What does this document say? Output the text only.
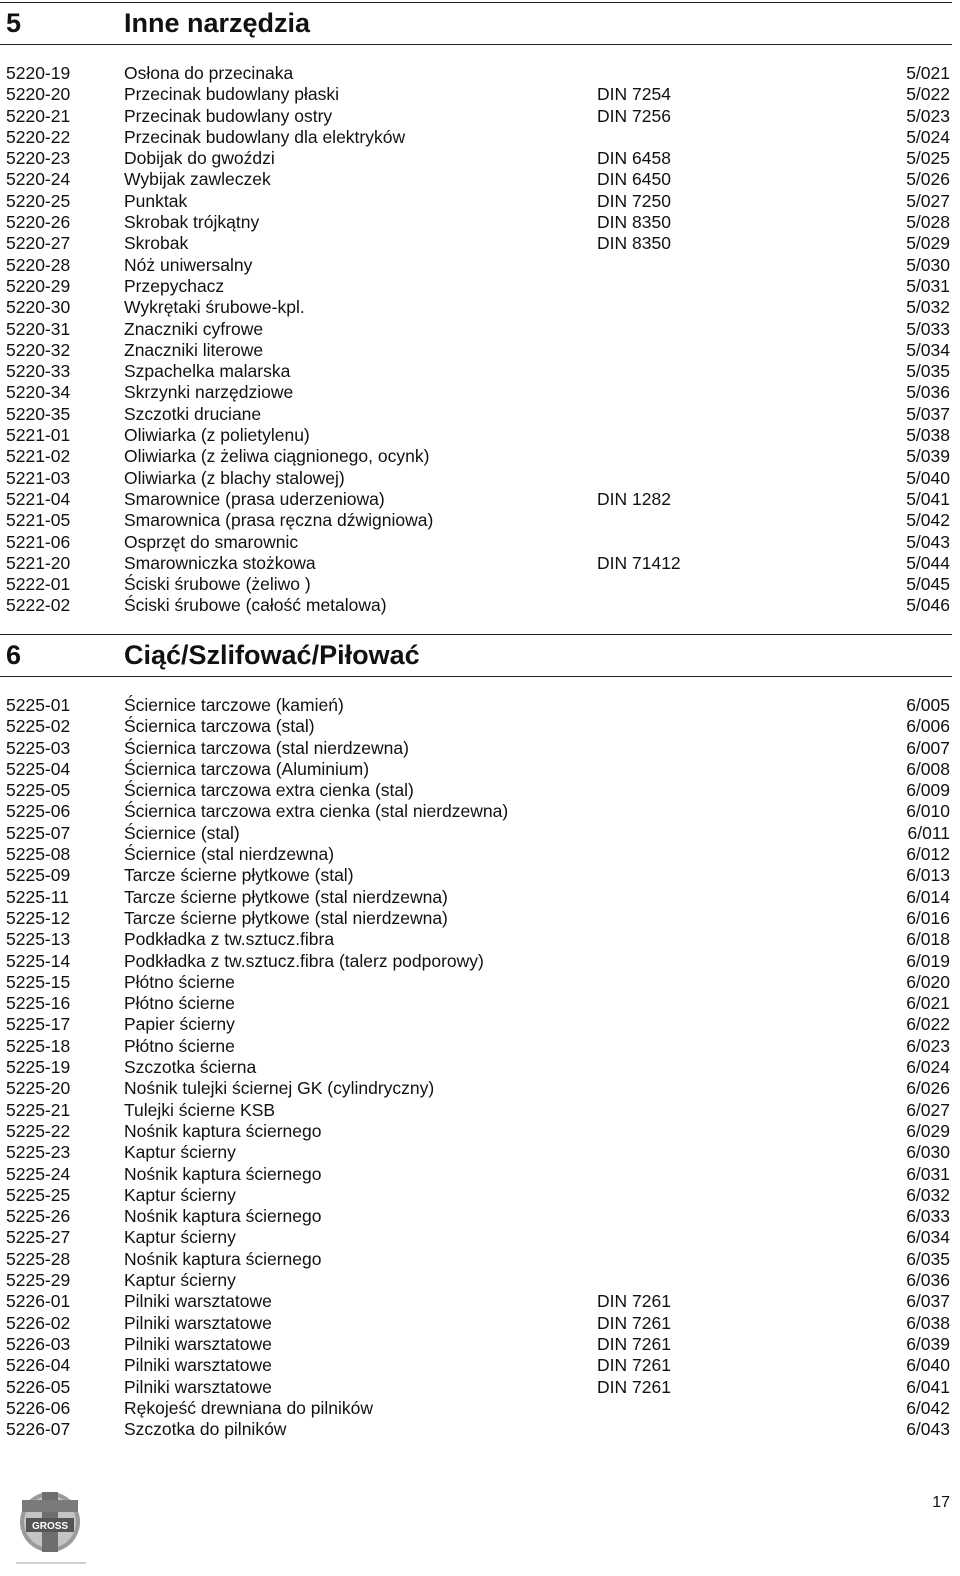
5	Inne narzędzia
5220-19	Osłona do przecinaka	5/021
5220-20	Przecinak budowlany płaski	DIN 7254	5/022
5220-21	Przecinak budowlany ostry	DIN 7256	5/023
5220-22	Przecinak budowlany dla elektryków	5/024
5220-23	Dobijak do gwoździ	DIN 6458	5/025
5220-24	Wybijak zawleczek	DIN 6450	5/026
5220-25	Punktak	DIN 7250	5/027
5220-26	Skrobak trójkątny	DIN 8350	5/028
5220-27	Skrobak	DIN 8350	5/029
5220-28	Nóż uniwersalny	5/030
5220-29	Przepychacz	5/031
5220-30	Wykrętaki śrubowe-kpl.	5/032
5220-31	Znaczniki cyfrowe	5/033
5220-32	Znaczniki literowe	5/034
5220-33	Szpachelka malarska	5/035
5220-34	Skrzynki narzędziowe	5/036
5220-35	Szczotki druciane	5/037
5221-01	Oliwiarka (z polietylenu)	5/038
5221-02	Oliwiarka (z żeliwa ciągnionego, ocynk)	5/039
5221-03	Oliwiarka (z blachy stalowej)	5/040
5221-04	Smarownice (prasa uderzeniowa)	DIN 1282	5/041
5221-05	Smarownica (prasa ręczna dźwigniowa)	5/042
5221-06	Osprzęt do smarownic	5/043
5221-20	Smarowniczka stożkowa	DIN 71412	5/044
5222-01	Ściski śrubowe (żeliwo )	5/045
5222-02	Ściski śrubowe (całość metalowa)	5/046
6	Ciąć/Szlifować/Piłować
5225-01	Ściernice tarczowe (kamień)	6/005
5225-02	Ściernica tarczowa (stal)	6/006
5225-03	Ściernica tarczowa (stal nierdzewna)	6/007
5225-04	Ściernica tarczowa (Aluminium)	6/008
5225-05	Ściernica tarczowa extra cienka (stal)	6/009
5225-06	Ściernica tarczowa extra cienka (stal nierdzewna)	6/010
5225-07	Ściernice (stal)	6/011
5225-08	Ściernice (stal nierdzewna)	6/012
5225-09	Tarcze ścierne płytkowe (stal)	6/013
5225-11	Tarcze ścierne płytkowe (stal nierdzewna)	6/014
5225-12	Tarcze ścierne płytkowe (stal nierdzewna)	6/016
5225-13	Podkładka z tw.sztucz.fibra	6/018
5225-14	Podkładka z tw.sztucz.fibra (talerz podporowy)	6/019
5225-15	Płótno ścierne	6/020
5225-16	Płótno ścierne	6/021
5225-17	Papier ścierny	6/022
5225-18	Płótno ścierne	6/023
5225-19	Szczotka ścierna	6/024
5225-20	Nośnik tulejki ściernej GK (cylindryczny)	6/026
5225-21	Tulejki ścierne KSB	6/027
5225-22	Nośnik kaptura ściernego	6/029
5225-23	Kaptur ścierny	6/030
5225-24	Nośnik kaptura ściernego	6/031
5225-25	Kaptur ścierny	6/032
5225-26	Nośnik kaptura ściernego	6/033
5225-27	Kaptur ścierny	6/034
5225-28	Nośnik kaptura ściernego	6/035
5225-29	Kaptur ścierny	6/036
5226-01	Pilniki warsztatowe	DIN 7261	6/037
5226-02	Pilniki warsztatowe	DIN 7261	6/038
5226-03	Pilniki warsztatowe	DIN 7261	6/039
5226-04	Pilniki warsztatowe	DIN 7261	6/040
5226-05	Pilniki warsztatowe	DIN 7261	6/041
5226-06	Rękojeść drewniana do pilników	6/042
5226-07	Szczotka do pilników	6/043
GROSS
17
